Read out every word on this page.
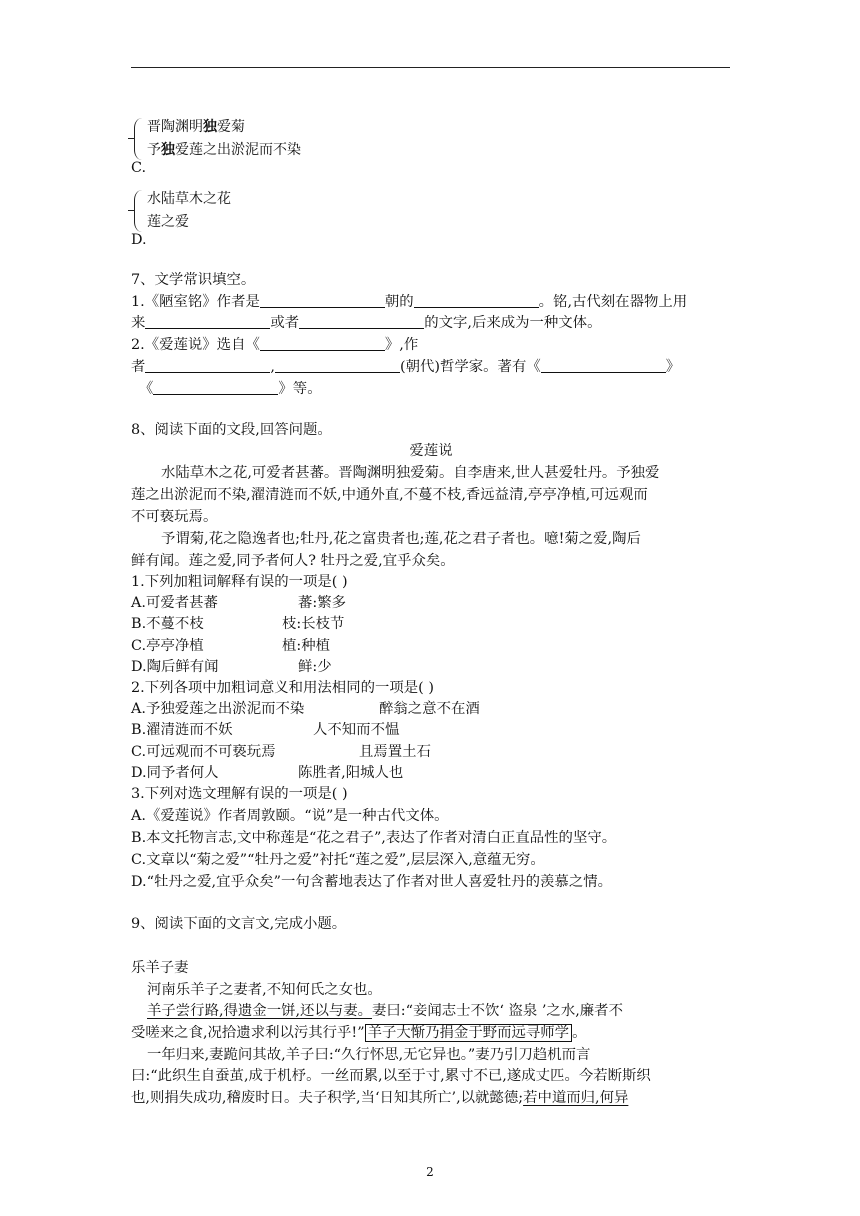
晋陶渊明独爱菊
予独爱莲之出淤泥而不染
C.
水陆草木之花
莲之爱
D.
7、文学常识填空。
1.《陋室铭》作者是	朝的	。铭,古代刻在器物上用
来	或者	的文字,后来成为一种文体。
2.《爱莲说》选自《	》,作
者	,	(朝代)哲学家。著有《	》
《	》等。
8、阅读下面的文段,回答问题。
爱莲说
水陆草木之花,可爱者甚蕃。晋陶渊明独爱菊。自李唐来,世人甚爱牡丹。予独爱
莲之出淤泥而不染,濯清涟而不妖,中通外直,不蔓不枝,香远益清,亭亭净植,可远观而
不可亵玩焉。
予谓菊,花之隐逸者也;牡丹,花之富贵者也;莲,花之君子者也。噫!菊之爱,陶后
鲜有闻。莲之爱,同予者何人? 牡丹之爱,宜乎众矣。
1.下列加粗词解释有误的一项是( )
A.可爱者甚蕃	蕃:繁多
B.不蔓不枝	枝:长枝节
C.亭亭净植	植:种植
D.陶后鲜有闻	鲜:少
2.下列各项中加粗词意义和用法相同的一项是( )
A.予独爱莲之出淤泥而不染	醉翁之意不在酒
B.濯清涟而不妖	人不知而不愠
C.可远观而不可亵玩焉	且焉置土石
D.同予者何人	陈胜者,阳城人也
3.下列对选文理解有误的一项是( )
A.《爱莲说》作者周敦颐。“说”是一种古代文体。
B.本文托物言志,文中称莲是“花之君子”,表达了作者对清白正直品性的坚守。
C.文章以“菊之爱”“牡丹之爱”衬托“莲之爱”,层层深入,意蕴无穷。
D.“牡丹之爱,宜乎众矣”一句含蓄地表达了作者对世人喜爱牡丹的羡慕之情。
9、阅读下面的文言文,完成小题。
乐羊子妻
河南乐羊子之妻者,不知何氏之女也。
羊子尝行路,得遗金一饼,还以与妻。妻曰:“妾闻志士不饮‘ 盗泉 ’之水,廉者不
受嗟来之食,况拾遗求利以污其行乎!” 羊子大惭乃捐金于野而远寻师学 。
一年归来,妻跪问其故,羊子曰:“久行怀思,无它异也。”妻乃引刀趋机而言
曰:“此织生自蚕茧,成于机杼。一丝而累,以至于寸,累寸不已,遂成丈匹。今若断斯织
也,则捐失成功,稽废时日。夫子积学,当‘日知其所亡’,以就懿德;若中道而归,何异
2
